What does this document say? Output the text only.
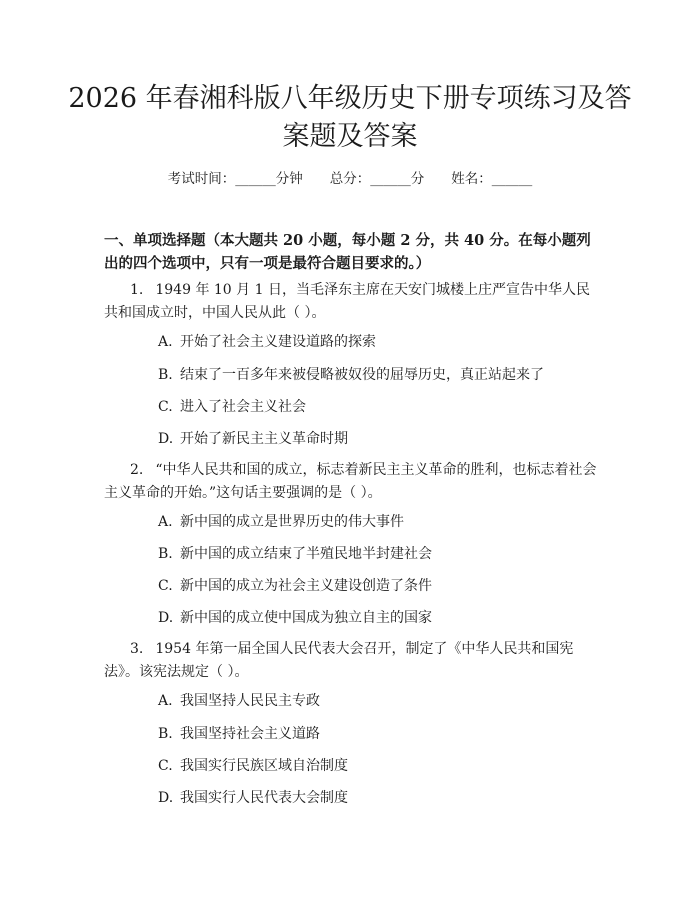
2026 年春湘科版八年级历史下册专项练习及答案题及答案
考试时间：______分钟　　总分：______分　　姓名：______

一、单项选择题（本大题共 20 小题，每小题 2 分，共 40 分。在每小题列出的四个选项中，只有一项是最符合题目要求的。）

1. 1949 年 10 月 1 日，当毛泽东主席在天安门城楼上庄严宣告中华人民共和国成立时，中国人民从此（ ）。

A. 开始了社会主义建设道路的探索
B. 结束了一百多年来被侵略被奴役的屈辱历史，真正站起来了
C. 进入了社会主义社会
D. 开始了新民主主义革命时期

2. “中华人民共和国的成立，标志着新民主主义革命的胜利，也标志着社会主义革命的开始。”这句话主要强调的是（ ）。

A. 新中国的成立是世界历史的伟大事件
B. 新中国的成立结束了半殖民地半封建社会
C. 新中国的成立为社会主义建设创造了条件
D. 新中国的成立使中国成为独立自主的国家

3. 1954 年第一届全国人民代表大会召开，制定了《中华人民共和国宪法》。该宪法规定（ ）。

A. 我国坚持人民民主专政
B. 我国坚持社会主义道路
C. 我国实行民族区域自治制度
D. 我国实行人民代表大会制度
